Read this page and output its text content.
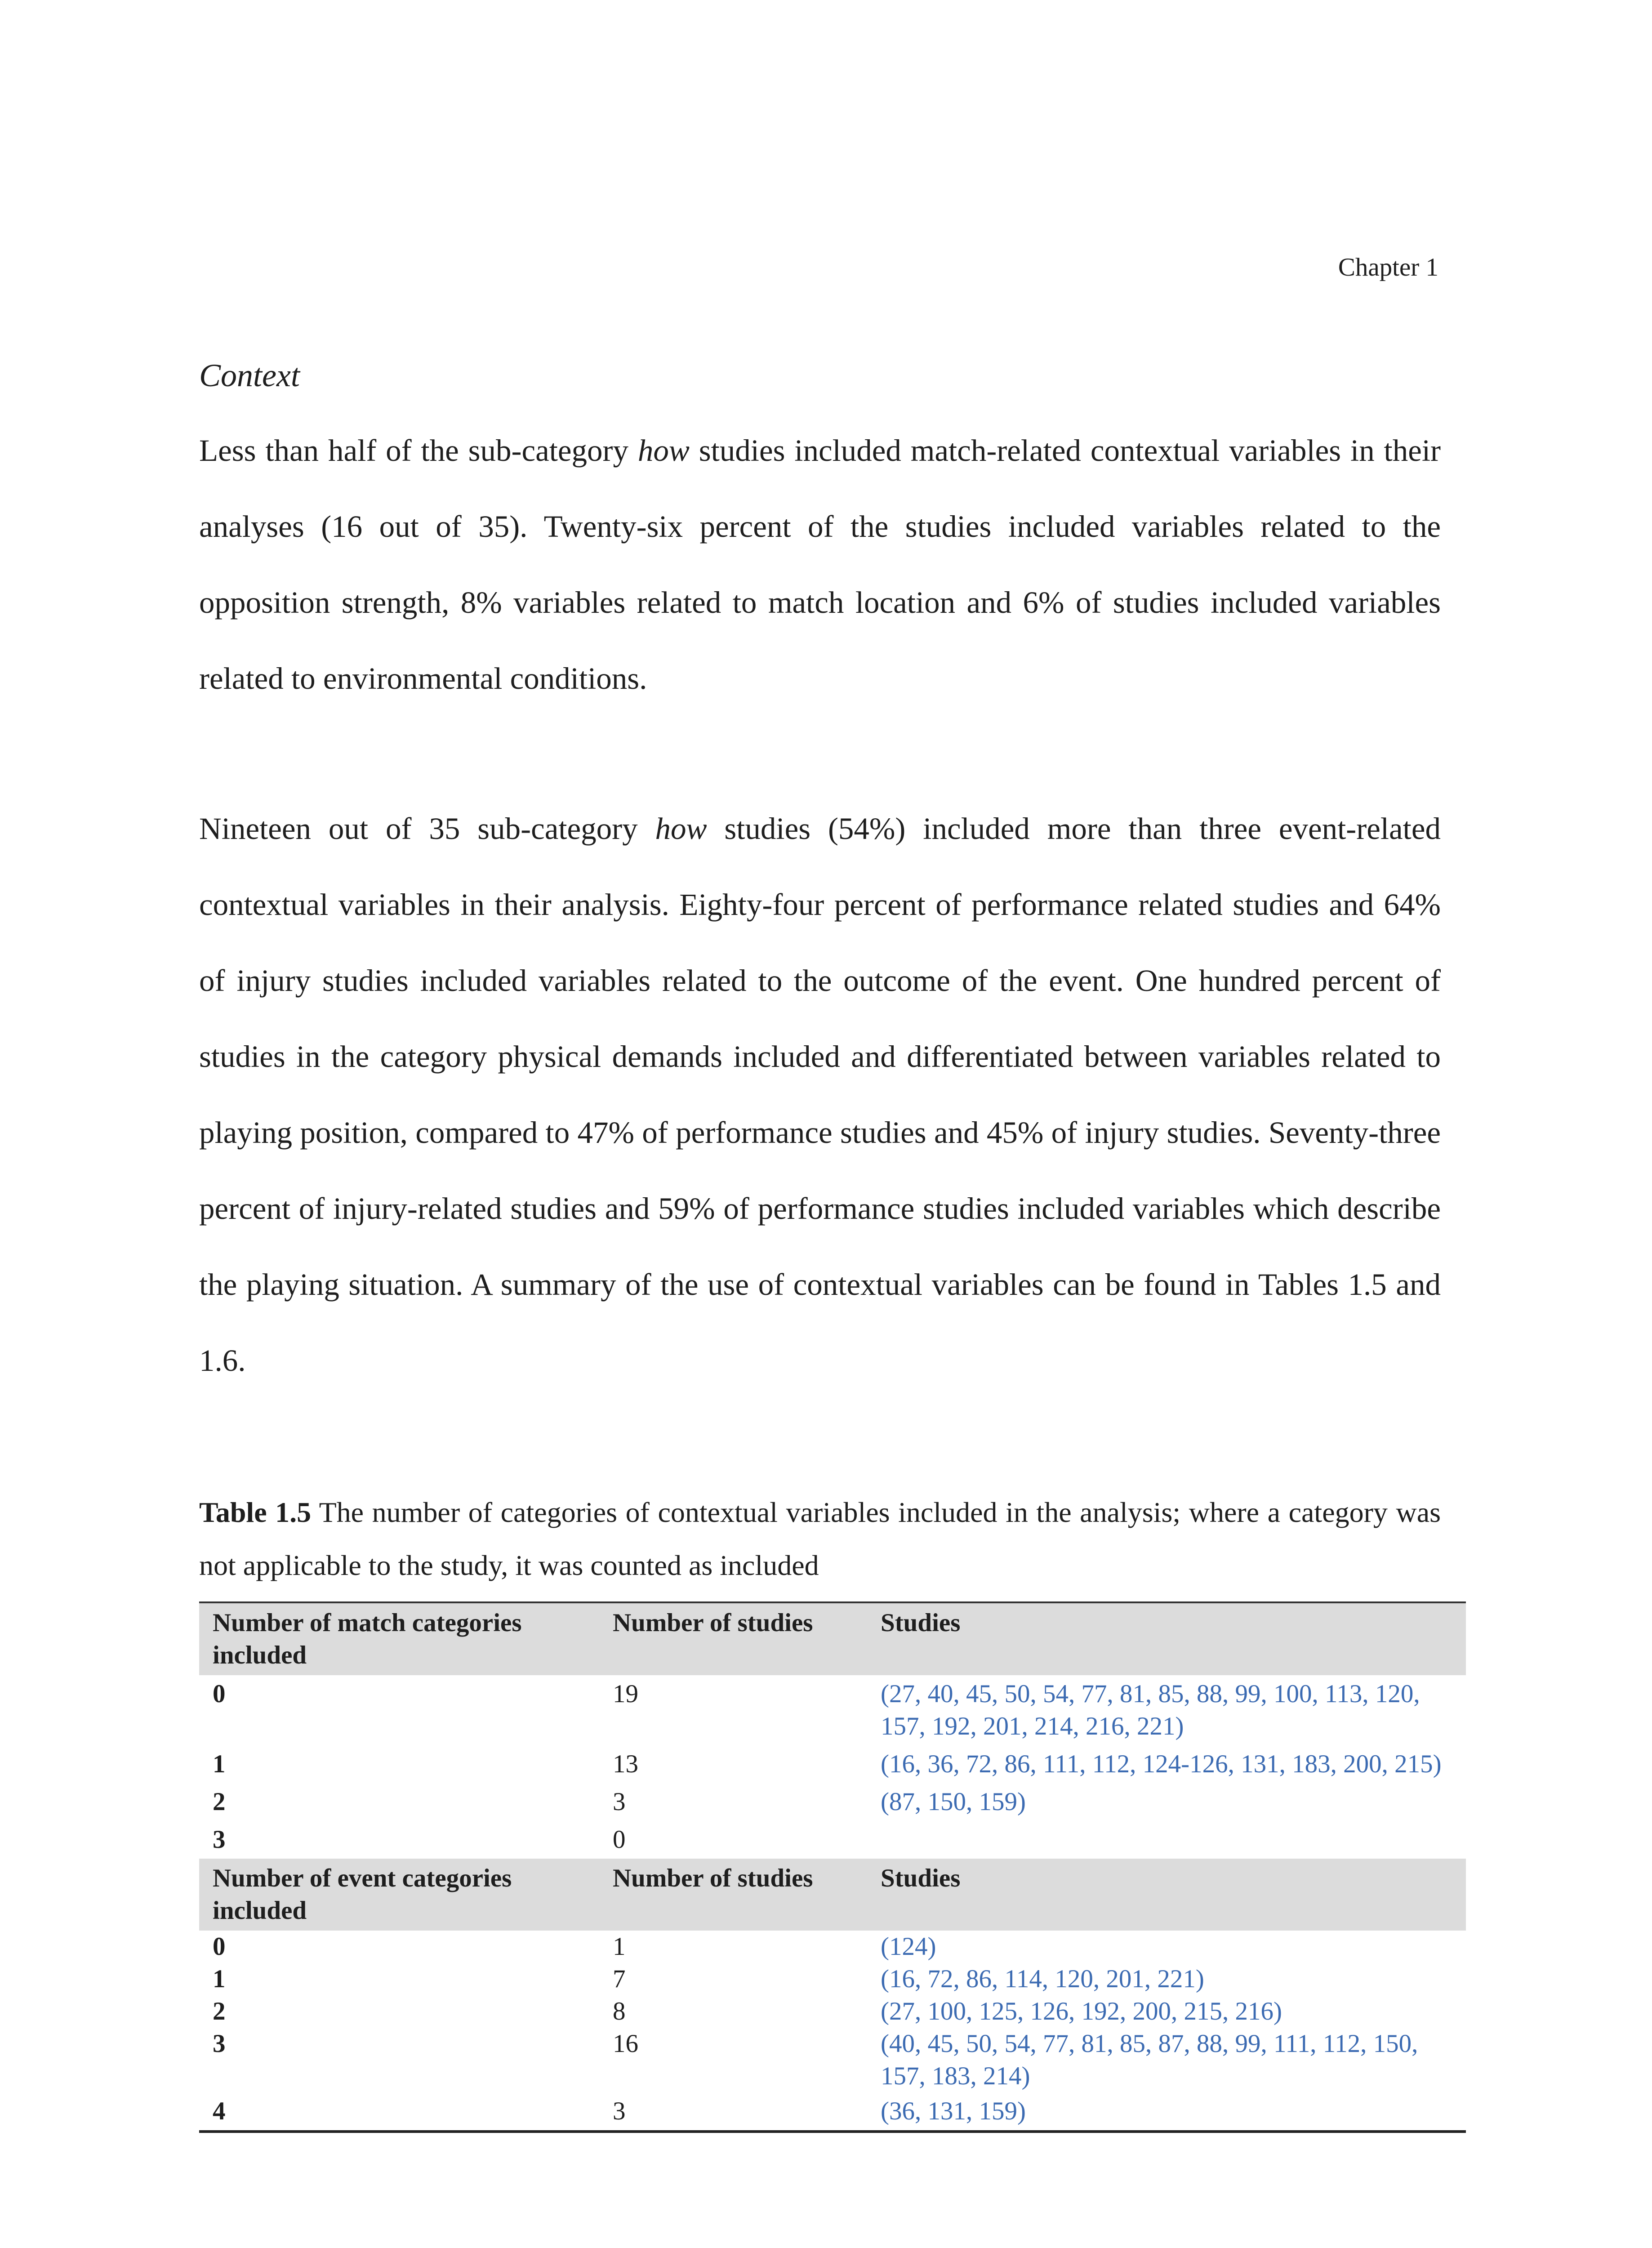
Chapter 1
Context

Less than half of the sub-category how studies included match-related contextual variables in their analyses (16 out of 35). Twenty-six percent of the studies included variables related to the opposition strength, 8% variables related to match location and 6% of studies included variables related to environmental conditions.

Nineteen out of 35 sub-category how studies (54%) included more than three event-related contextual variables in their analysis. Eighty-four percent of performance related studies and 64% of injury studies included variables related to the outcome of the event. One hundred percent of studies in the category physical demands included and differentiated between variables related to playing position, compared to 47% of performance studies and 45% of injury studies. Seventy-three percent of injury-related studies and 59% of performance studies included variables which describe the playing situation. A summary of the use of contextual variables can be found in Tables 1.5 and 1.6.

Table 1.5 The number of categories of contextual variables included in the analysis; where a category was not applicable to the study, it was counted as included

Number of match categories included	Number of studies	Studies
0	19	(27, 40, 45, 50, 54, 77, 81, 85, 88, 99, 100, 113, 120, 157, 192, 201, 214, 216, 221)
1	13	(16, 36, 72, 86, 111, 112, 124-126, 131, 183, 200, 215)
2	3	(87, 150, 159)
3	0	
Number of event categories included	Number of studies	Studies
0	1	(124)
1	7	(16, 72, 86, 114, 120, 201, 221)
2	8	(27, 100, 125, 126, 192, 200, 215, 216)
3	16	(40, 45, 50, 54, 77, 81, 85, 87, 88, 99, 111, 112, 150, 157, 183, 214)
4	3	(36, 131, 159)
